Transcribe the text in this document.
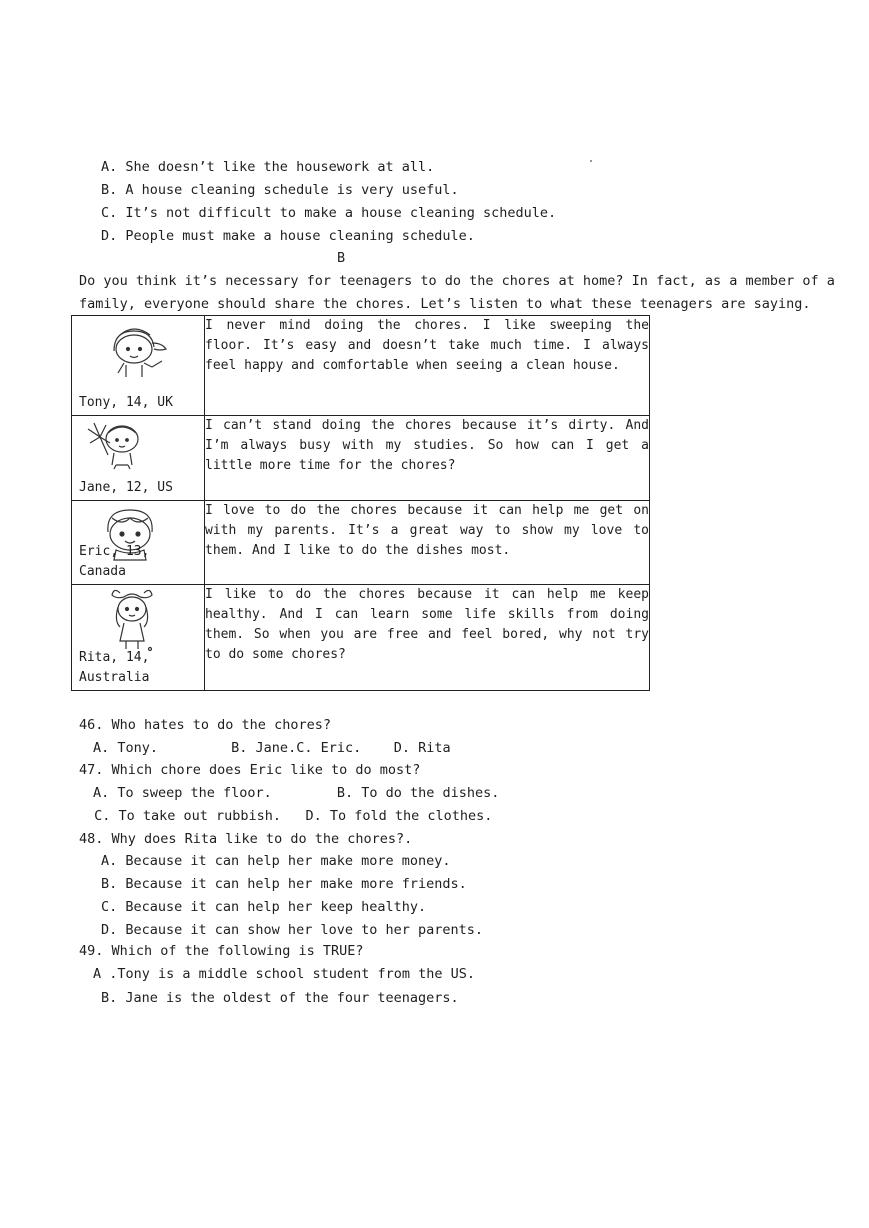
A. She doesn’t like the housework at all.
B. A house cleaning schedule is very useful.
C. It’s not difficult to make a house cleaning schedule.
D. People must make a house cleaning schedule.
B
Do you think it’s necessary for teenagers to do the chores at home? In fact, as a member of a
family, everyone should share the chores. Let’s listen to what these teenagers are saying.
Tony, 14, UK	I never mind doing the chores. I like sweeping the floor. It’s easy and doesn’t take much time. I always feel happy and comfortable when seeing a clean house.

Jane, 12, US	I can’t stand doing the chores because it’s dirty. And I’m always busy with my studies. So how can I get a little more time for the chores?

Eric, 13, Canada	I love to do the chores because it can help me get on with my parents. It’s a great way to show my love to them. And I like to do the dishes most.

Rita, 14,
Australia	I like to do the chores because it can help me keep healthy. And I can learn some life skills from doing them. So when you are free and feel bored, why not try to do some chores?
46. Who hates to do the chores?
A. Tony.         B. Jane.C. Eric.    D. Rita
47. Which chore does Eric like to do most?
A. To sweep the floor.        B. To do the dishes.
C. To take out rubbish.   D. To fold the clothes.
48. Why does Rita like to do the chores?.
A. Because it can help her make more money.
B. Because it can help her make more friends.
C. Because it can help her keep healthy.
D. Because it can show her love to her parents.
49. Which of the following is TRUE?
A .Tony is a middle school student from the US.
B. Jane is the oldest of the four teenagers.
